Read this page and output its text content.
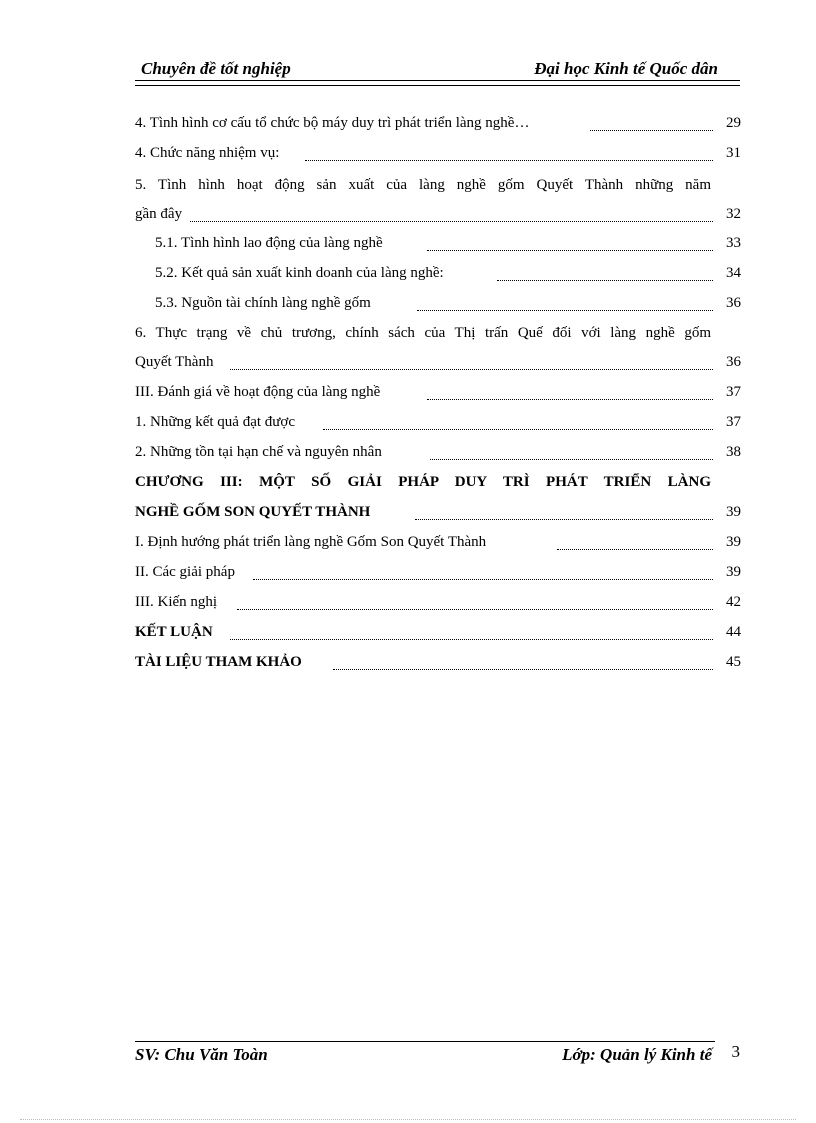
Chuyên đề tốt nghiệp	Đại học Kinh tế Quốc dân
4. Tình hình cơ cấu tổ chức bộ máy duy trì phát triển làng nghề…	29
4. Chức năng nhiệm vụ:	31
5. Tình hình hoạt động sản xuất của làng nghề gốm Quyết Thành những năm
gần đây	32
5.1. Tình hình lao động của làng nghề	33
5.2. Kết quả sản xuất kinh doanh của làng nghề:	34
5.3. Nguồn tài chính làng nghề gốm	36
6. Thực trạng về chủ trương, chính sách của Thị trấn Quế đối với làng nghề gốm
Quyết Thành	36
III. Đánh giá về hoạt động của làng nghề	37
1. Những kết quả đạt được	37
2. Những tồn tại hạn chế và nguyên nhân	38
CHƯƠNG III: MỘT SỐ GIẢI PHÁP DUY TRÌ PHÁT TRIỂN LÀNG
NGHỀ GỐM SON QUYẾT THÀNH	39
I. Định hướng phát triển làng nghề Gốm Son Quyết Thành	39
II. Các giải pháp	39
III. Kiến nghị	42
KẾT LUẬN	44
TÀI LIỆU THAM KHẢO	45
SV: Chu Văn Toàn	Lớp: Quản lý Kinh tế 3
